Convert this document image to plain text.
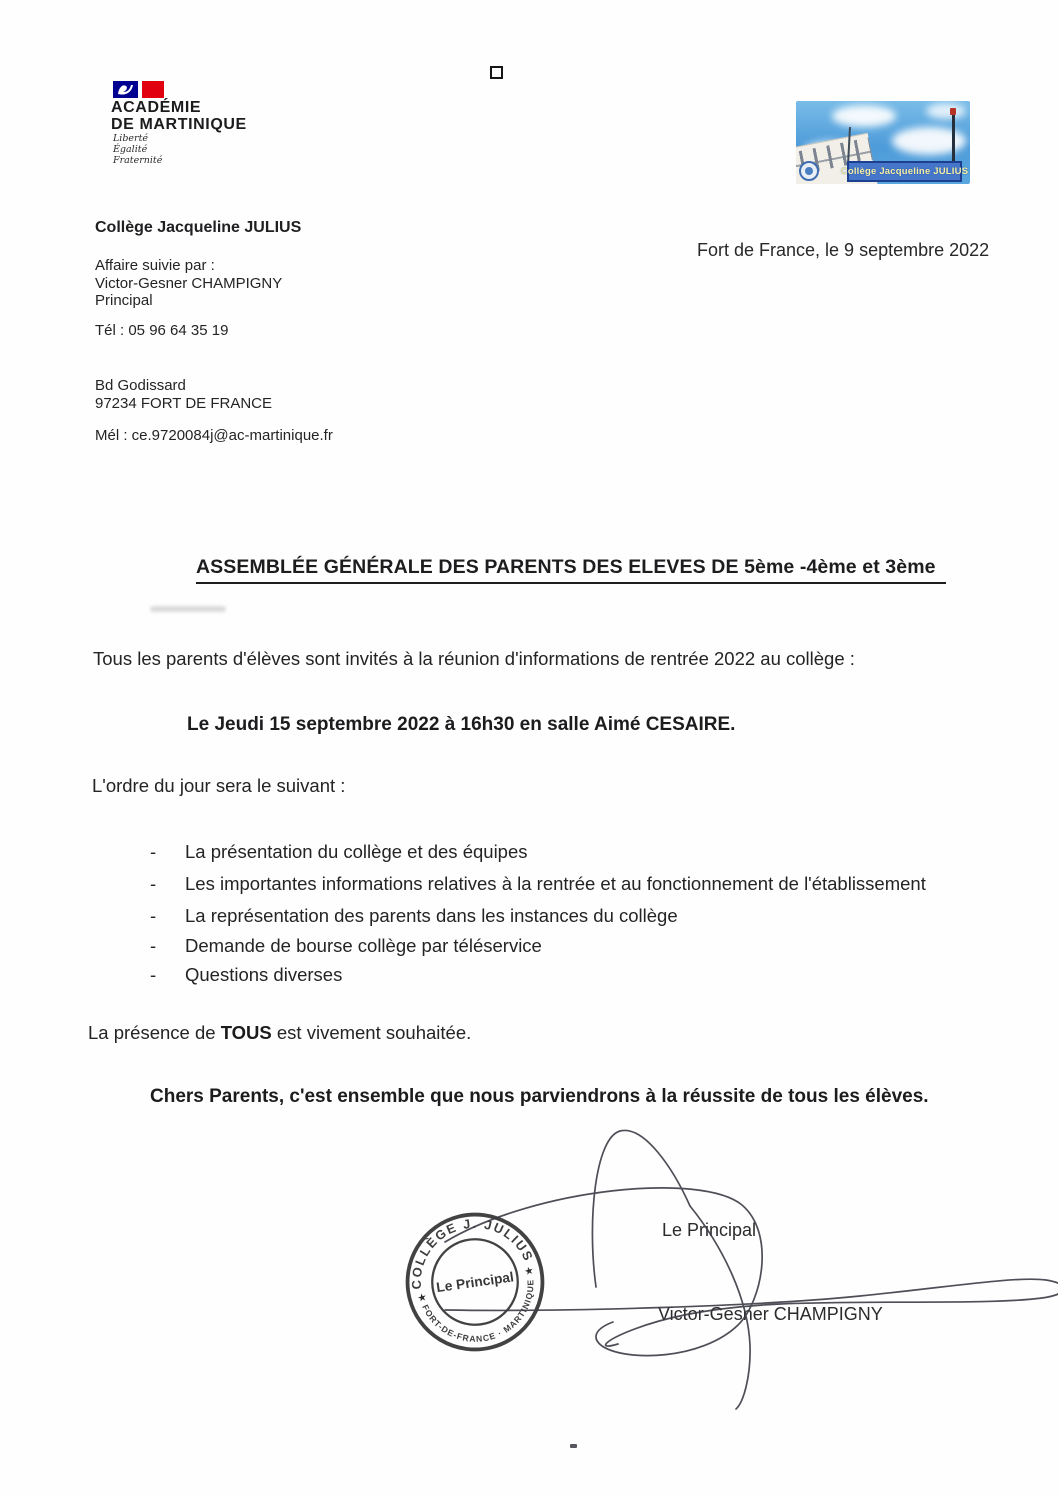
ACADÉMIE
DE MARTINIQUE
Liberté
Égalité
Fraternité
Collège Jacqueline JULIUS
Collège Jacqueline JULIUS
Affaire suivie par :
Victor-Gesner CHAMPIGNY
Principal
Tél : 05 96 64 35 19
Bd Godissard
97234 FORT DE FRANCE
Mél : ce.9720084j@ac-martinique.fr
Fort de France, le 9 septembre 2022
ASSEMBLÉE GÉNÉRALE DES PARENTS DES ELEVES DE 5ème -4ème et 3ème
Tous les parents d'élèves sont invités à la réunion d'informations de rentrée 2022 au collège :
Le Jeudi 15 septembre 2022 à 16h30 en salle Aimé CESAIRE.
L'ordre du jour sera le suivant :
- La présentation du collège et des équipes
- Les importantes informations relatives à la rentrée et au fonctionnement de l'établissement
- La représentation des parents dans les instances du collège
- Demande de bourse collège par téléservice
- Questions diverses
La présence de TOUS est vivement souhaitée.
Chers Parents, c'est ensemble que nous parviendrons à la réussite de tous les élèves.
Le Principal
Victor-Gesner CHAMPIGNY
COLLÈGE J. JULIUS
FORT-DE-FRANCE · MARTINIQUE
★
★
Le Principal
